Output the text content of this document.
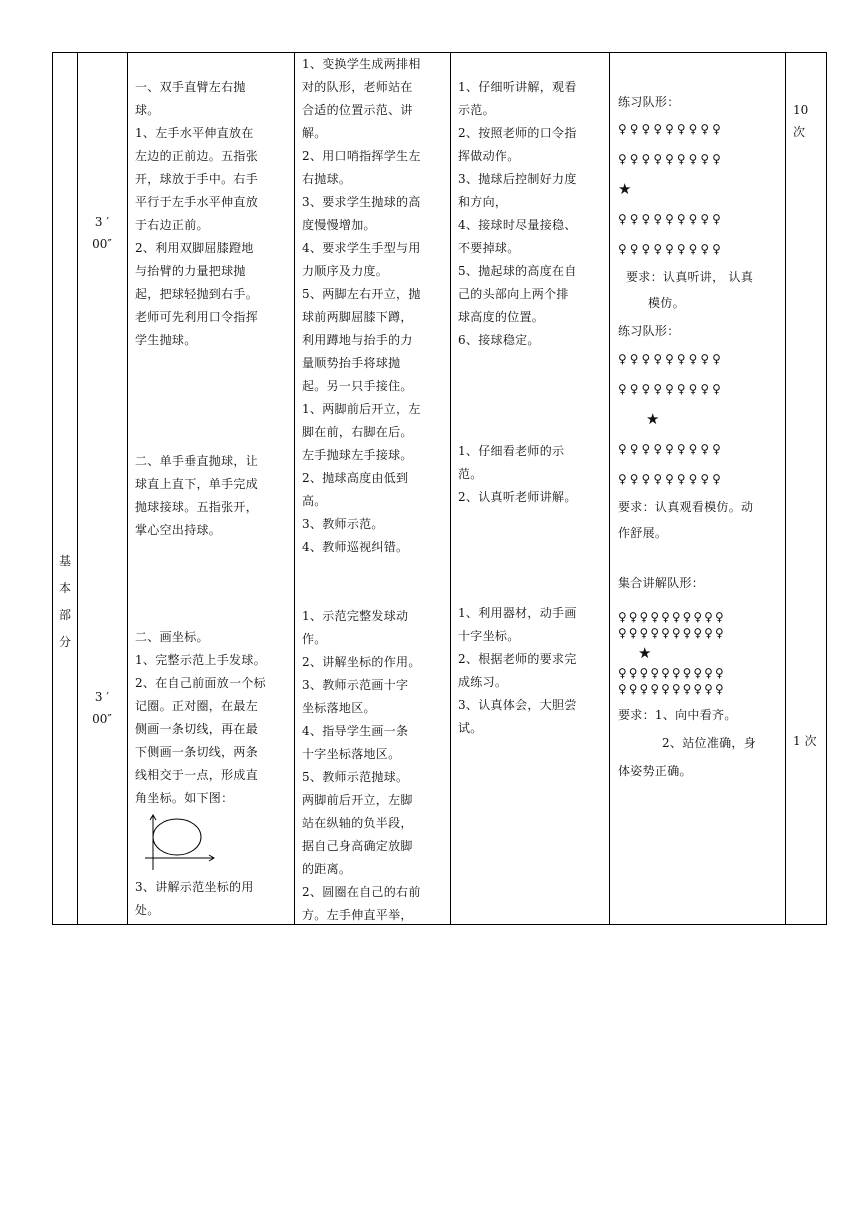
基
本
部
分
3 ′
00″
3 ′
00″

一、双手直臂左右抛
球。
1、左手水平伸直放在
左边的正前边。五指张
开，球放于手中。右手
平行于左手水平伸直放
于右边正前。
2、利用双脚屈膝蹬地
与抬臂的力量把球抛
起，把球轻抛到右手。
老师可先利用口令指挥
学生抛球。

二、单手垂直抛球，让
球直上直下，单手完成
抛球接球。五指张开，
掌心空出持球。

二、画坐标。
1、完整示范上手发球。
2、在自己前面放一个标
记圈。正对圈，在最左
侧画一条切线，再在最
下侧画一条切线，两条
线相交于一点，形成直
角坐标。如下图：

3、讲解示范坐标的用
处。

1、变换学生成两排相
对的队形，老师站在
合适的位置示范、讲
解。
2、用口哨指挥学生左
右抛球。
3、要求学生抛球的高
度慢慢增加。
4、要求学生手型与用
力顺序及力度。
5、两脚左右开立，抛
球前两脚屈膝下蹲，
利用蹲地与抬手的力
量顺势抬手将球抛
起。另一只手接住。
1、两脚前后开立，左
脚在前，右脚在后。
左手抛球左手接球。
2、抛球高度由低到
高。
3、教师示范。
4、教师巡视纠错。

1、示范完整发球动
作。
2、讲解坐标的作用。
3、教师示范画十字
坐标落地区。
4、指导学生画一条
十字坐标落地区。
5、教师示范抛球。
两脚前后开立，左脚
站在纵轴的负半段，
据自己身高确定放脚
的距离。
2、圆圈在自己的右前
方。左手伸直平举，

1、仔细听讲解，观看
示范。
2、按照老师的口令指
挥做动作。
3、抛球后控制好力度
和方向，
4、接球时尽量接稳、
不要掉球。
5、抛起球的高度在自
己的头部向上两个排
球高度的位置。
6、接球稳定。

1、仔细看老师的示
范。
2、认真听老师讲解。

1、利用器材，动手画
十字坐标。
2、根据老师的要求完
成练习。
3、认真体会，大胆尝
试。

练习队形：

♀♀♀♀♀♀♀♀♀
♀♀♀♀♀♀♀♀♀
★
♀♀♀♀♀♀♀♀♀
♀♀♀♀♀♀♀♀♀

要求：认真听讲， 认真

模仿。

练习队形：

♀♀♀♀♀♀♀♀♀
♀♀♀♀♀♀♀♀♀
★
♀♀♀♀♀♀♀♀♀
♀♀♀♀♀♀♀♀♀

要求：认真观看模仿。动
作舒展。

集合讲解队形：

♀♀♀♀♀♀♀♀♀♀
♀♀♀♀♀♀♀♀♀♀
★
♀♀♀♀♀♀♀♀♀♀
♀♀♀♀♀♀♀♀♀♀

要求：1、向中看齐。

2、站位准确，身

体姿势正确。

10
次

1 次
